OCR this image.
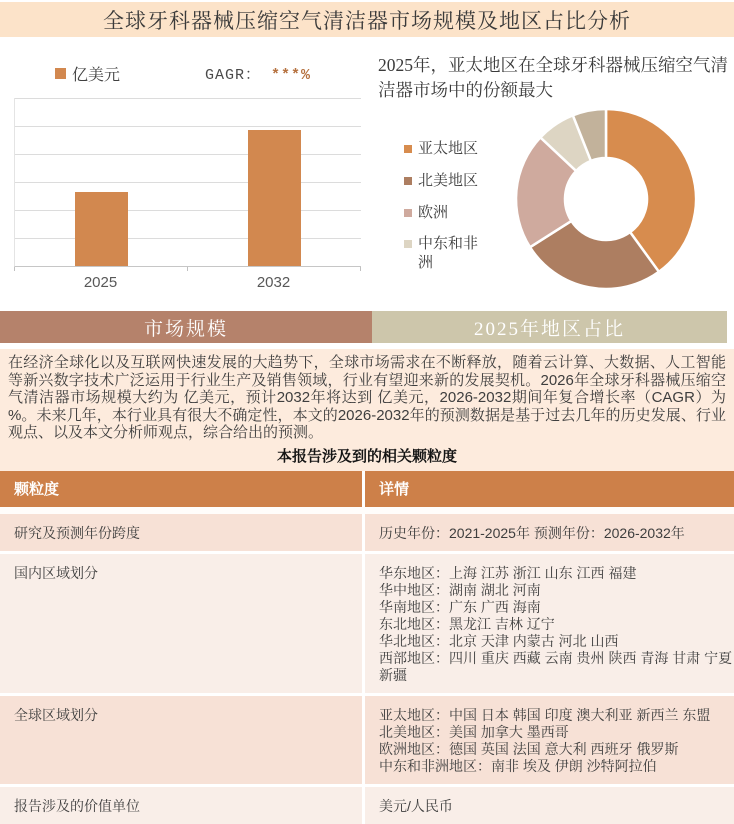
全球牙科器械压缩空气清洁器市场规模及地区占比分析
亿美元	GAGR： ***%
2025	2032
2025年，亚太地区在全球牙科器械压缩空气清洁器市场中的份额最大
亚太地区
北美地区
欧洲
中东和非洲
市场规模	2025年地区占比
在经济全球化以及互联网快速发展的大趋势下，全球市场需求在不断释放，随着云计算、大数据、人工智能等新兴数字技术广泛运用于行业生产及销售领域，行业有望迎来新的发展契机。2026年全球牙科器械压缩空气清洁器市场规模大约为 亿美元，预计2032年将达到 亿美元，2026-2032期间年复合增长率（CAGR）为 %。未来几年，本行业具有很大不确定性，本文的2026-2032年的预测数据是基于过去几年的历史发展、行业观点、以及本文分析师观点，综合给出的预测。
本报告涉及到的相关颗粒度
颗粒度	详情
研究及预测年份跨度	历史年份：2021-2025年 预测年份：2026-2032年
国内区域划分	华东地区：上海 江苏 浙江 山东 江西 福建
华中地区：湖南 湖北 河南
华南地区：广东 广西 海南
东北地区：黑龙江 吉林 辽宁
华北地区：北京 天津 内蒙古 河北 山西
西部地区：四川 重庆 西藏 云南 贵州 陕西 青海 甘肃 宁夏 新疆
全球区域划分	亚太地区：中国 日本 韩国 印度 澳大利亚 新西兰 东盟
北美地区：美国 加拿大 墨西哥
欧洲地区：德国 英国 法国 意大利 西班牙 俄罗斯
中东和非洲地区：南非 埃及 伊朗 沙特阿拉伯
报告涉及的价值单位	美元/人民币
